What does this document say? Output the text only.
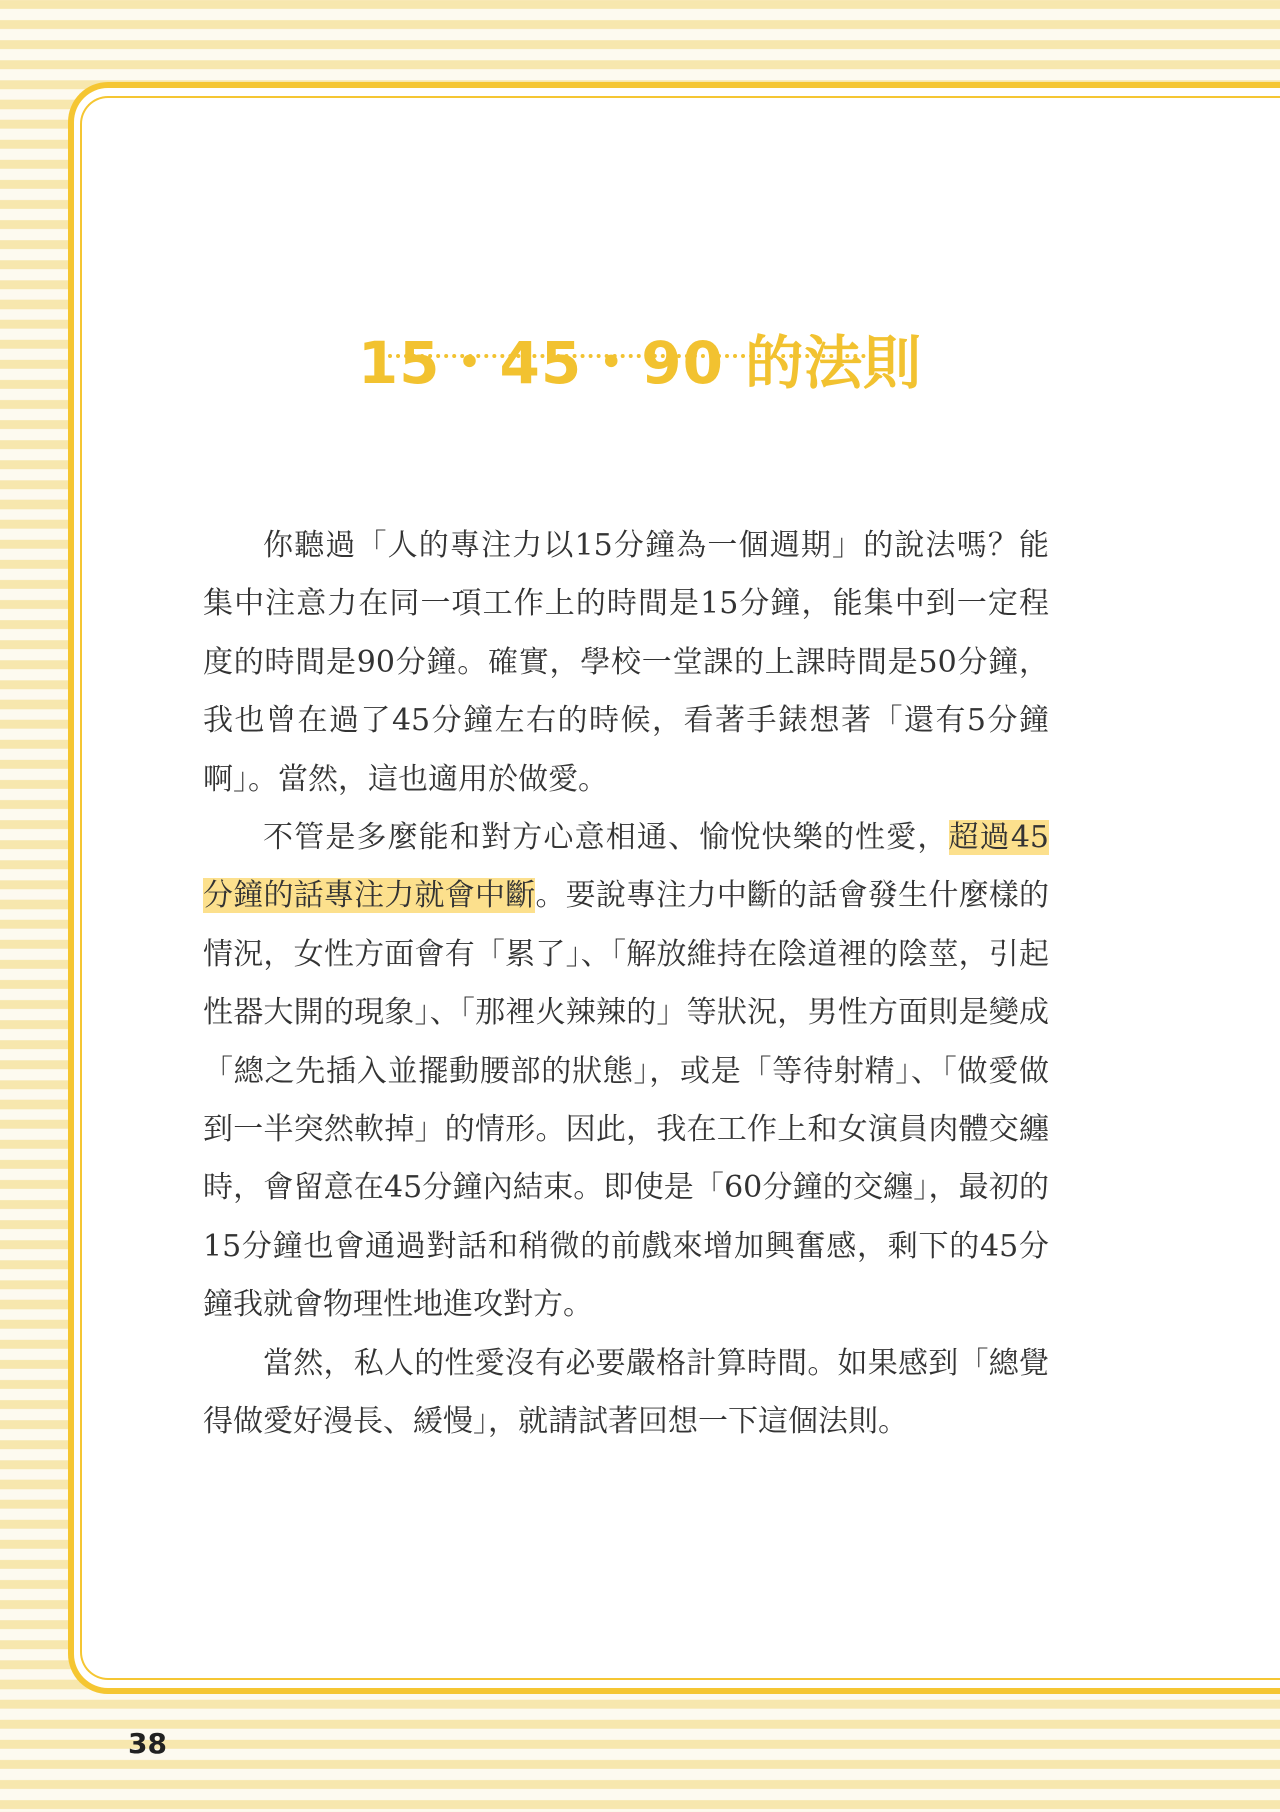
15・45・90 的法則

你聽過「人的專注力以15分鐘為一個週期」的說法嗎？能集中注意力在同一項工作上的時間是15分鐘，能集中到一定程度的時間是90分鐘。確實，學校一堂課的上課時間是50分鐘，我也曾在過了45分鐘左右的時候，看著手錶想著「還有5分鐘啊」。當然，這也適用於做愛。

不管是多麼能和對方心意相通、愉悅快樂的性愛，超過45分鐘的話專注力就會中斷。要說專注力中斷的話會發生什麼樣的情況，女性方面會有「累了」、「解放維持在陰道裡的陰莖，引起性器大開的現象」、「那裡火辣辣的」等狀況，男性方面則是變成「總之先插入並擺動腰部的狀態」，或是「等待射精」、「做愛做到一半突然軟掉」的情形。因此，我在工作上和女演員肉體交纏時，會留意在45分鐘內結束。即使是「60分鐘的交纏」，最初的15分鐘也會通過對話和稍微的前戲來增加興奮感，剩下的45分鐘我就會物理性地進攻對方。

當然，私人的性愛沒有必要嚴格計算時間。如果感到「總覺得做愛好漫長、緩慢」，就請試著回想一下這個法則。

38
